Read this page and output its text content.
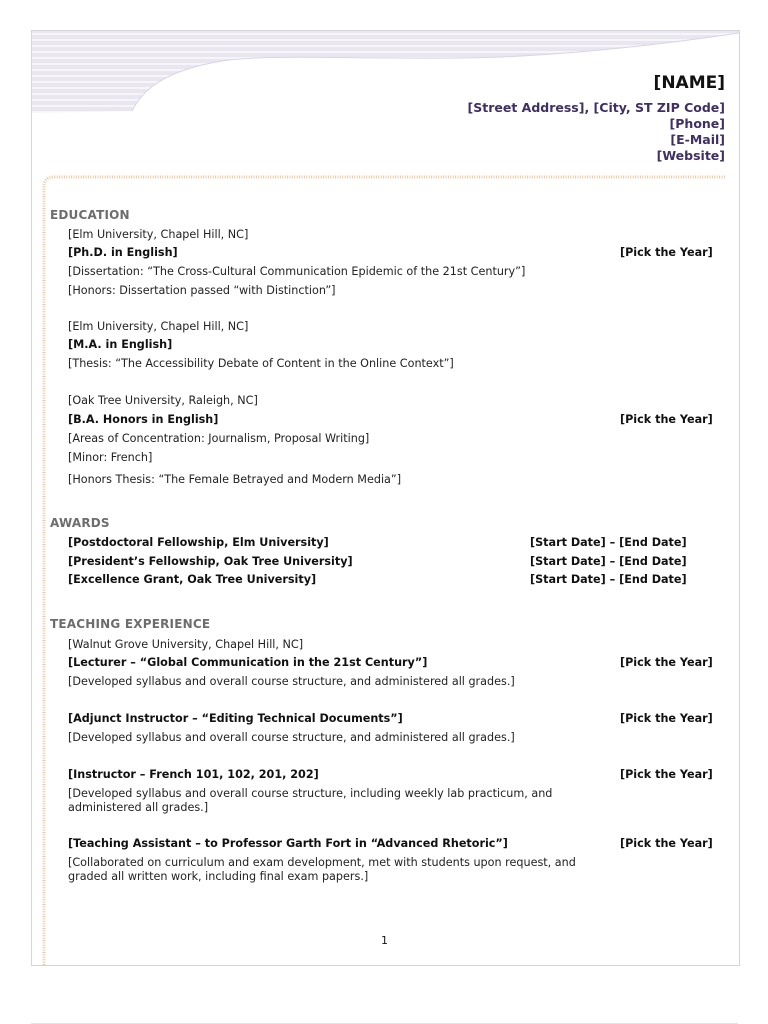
[NAME]
[Street Address], [City, ST ZIP Code]
[Phone]
[E-Mail]
[Website]
EDUCATION
[Elm University, Chapel Hill, NC]
[Ph.D. in English]	[Pick the Year]
[Dissertation: “The Cross-Cultural Communication Epidemic of the 21st Century”]
[Honors: Dissertation passed “with Distinction”]
[Elm University, Chapel Hill, NC]
[M.A. in English]
[Thesis: “The Accessibility Debate of Content in the Online Context”]
[Oak Tree University, Raleigh, NC]
[B.A. Honors in English]	[Pick the Year]
[Areas of Concentration: Journalism, Proposal Writing]
[Minor: French]
[Honors Thesis: “The Female Betrayed and Modern Media”]
AWARDS
[Postdoctoral Fellowship, Elm University]	[Start Date] – [End Date]
[President’s Fellowship, Oak Tree University]	[Start Date] – [End Date]
[Excellence Grant, Oak Tree University]	[Start Date] – [End Date]
TEACHING EXPERIENCE
[Walnut Grove University, Chapel Hill, NC]
[Lecturer – “Global Communication in the 21st Century”]	[Pick the Year]
[Developed syllabus and overall course structure, and administered all grades.]
[Adjunct Instructor – “Editing Technical Documents”]	[Pick the Year]
[Developed syllabus and overall course structure, and administered all grades.]
[Instructor – French 101, 102, 201, 202]	[Pick the Year]
[Developed syllabus and overall course structure, including weekly lab practicum, and administered all grades.]
[Teaching Assistant – to Professor Garth Fort in “Advanced Rhetoric”]	[Pick the Year]
[Collaborated on curriculum and exam development, met with students upon request, and graded all written work, including final exam papers.]
1
